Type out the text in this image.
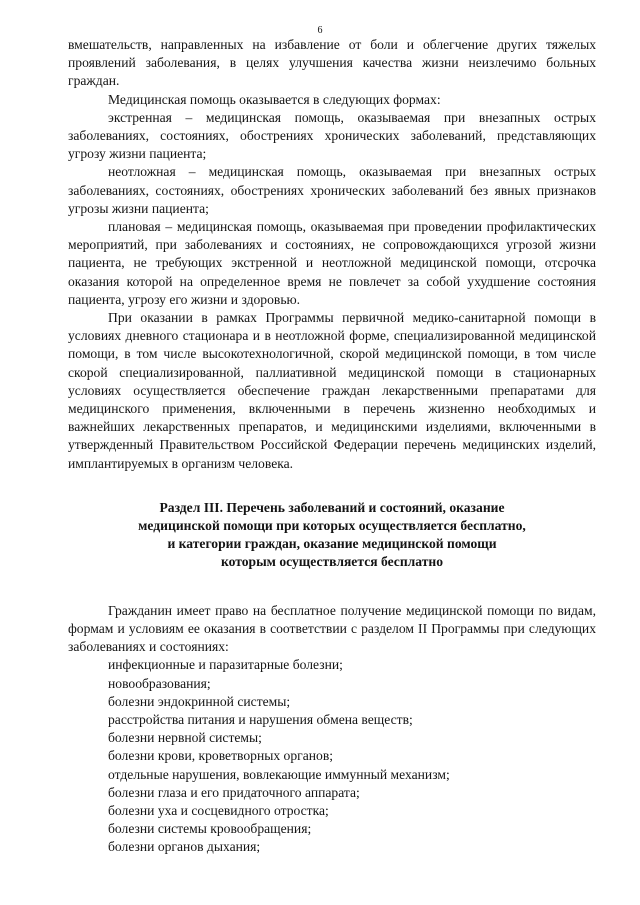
6

вмешательств, направленных на избавление от боли и облегчение других тяжелых проявлений заболевания, в целях улучшения качества жизни неизлечимо больных граждан.

Медицинская помощь оказывается в следующих формах:

экстренная – медицинская помощь, оказываемая при внезапных острых заболеваниях, состояниях, обострениях хронических заболеваний, представляющих угрозу жизни пациента;

неотложная – медицинская помощь, оказываемая при внезапных острых заболеваниях, состояниях, обострениях хронических заболеваний без явных признаков угрозы жизни пациента;

плановая – медицинская помощь, оказываемая при проведении профилактических мероприятий, при заболеваниях и состояниях, не сопровождающихся угрозой жизни пациента, не требующих экстренной и неотложной медицинской помощи, отсрочка оказания которой на определенное время не повлечет за собой ухудшение состояния пациента, угрозу его жизни и здоровью.

При оказании в рамках Программы первичной медико-санитарной помощи в условиях дневного стационара и в неотложной форме, специализированной медицинской помощи, в том числе высокотехнологичной, скорой медицинской помощи, в том числе скорой специализированной, паллиативной медицинской помощи в стационарных условиях осуществляется обеспечение граждан лекарственными препаратами для медицинского применения, включенными в перечень жизненно необходимых и важнейших лекарственных препаратов, и медицинскими изделиями, включенными в утвержденный Правительством Российской Федерации перечень медицинских изделий, имплантируемых в организм человека.

Раздел III. Перечень заболеваний и состояний, оказание

медицинской помощи при которых осуществляется бесплатно,

и категории граждан, оказание медицинской помощи

которым осуществляется бесплатно

Гражданин имеет право на бесплатное получение медицинской помощи по видам, формам и условиям ее оказания в соответствии с разделом II Программы при следующих заболеваниях и состояниях:

инфекционные и паразитарные болезни;

новообразования;

болезни эндокринной системы;

расстройства питания и нарушения обмена веществ;

болезни нервной системы;

болезни крови, кроветворных органов;

отдельные нарушения, вовлекающие иммунный механизм;

болезни глаза и его придаточного аппарата;

болезни уха и сосцевидного отростка;

болезни системы кровообращения;

болезни органов дыхания;
